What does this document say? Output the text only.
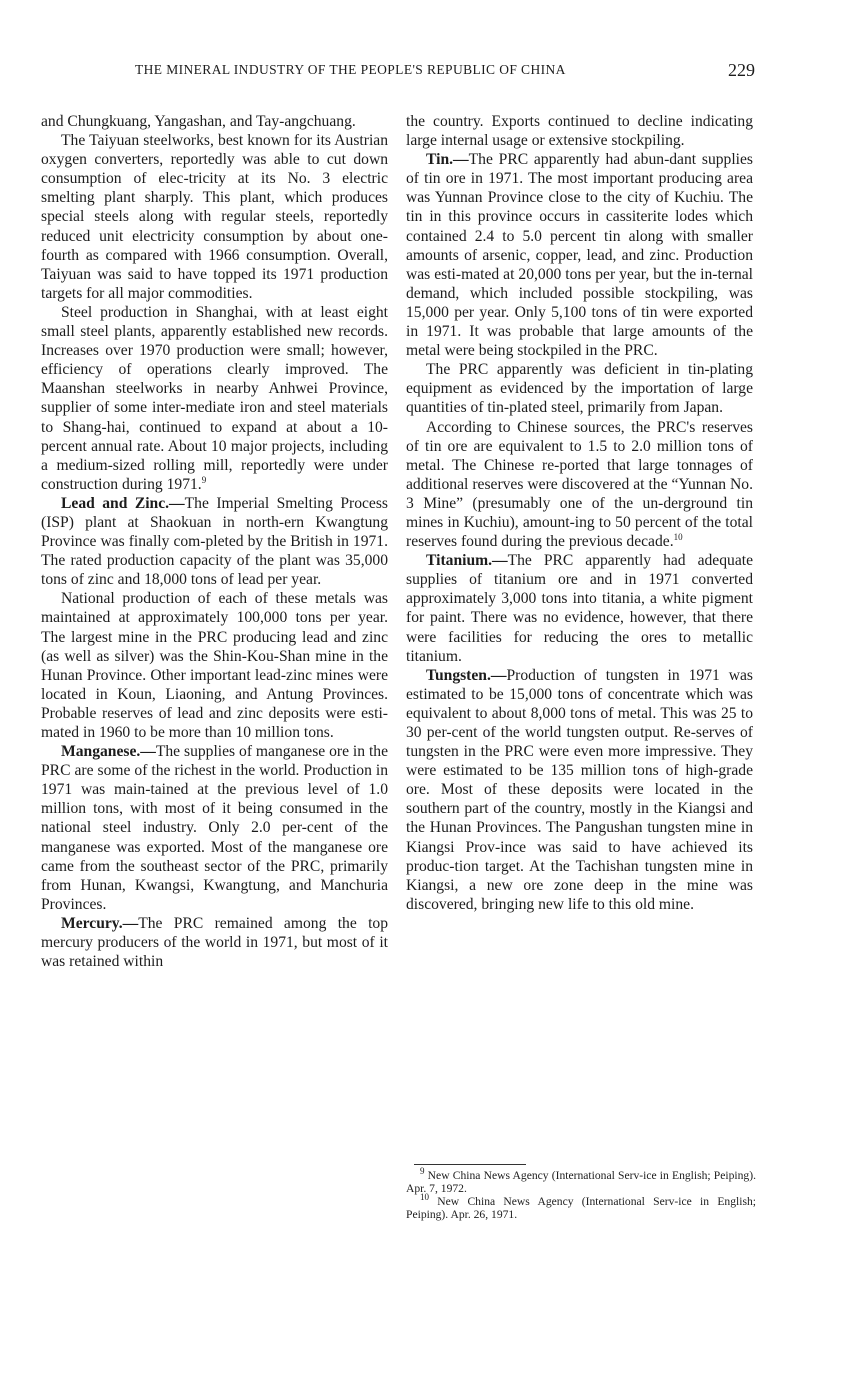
THE MINERAL INDUSTRY OF THE PEOPLE'S REPUBLIC OF CHINA	229

and Chungkuang, Yangashan, and Tay-angchuang.

The Taiyuan steelworks, best known for its Austrian oxygen converters, reportedly was able to cut down consumption of elec-tricity at its No. 3 electric smelting plant sharply. This plant, which produces special steels along with regular steels, reportedly reduced unit electricity consumption by about one-fourth as compared with 1966 consumption. Overall, Taiyuan was said to have topped its 1971 production targets for all major commodities.

Steel production in Shanghai, with at least eight small steel plants, apparently established new records. Increases over 1970 production were small; however, efficiency of operations clearly improved. The Maanshan steelworks in nearby Anhwei Province, supplier of some inter-mediate iron and steel materials to Shang-hai, continued to expand at about a 10-percent annual rate. About 10 major projects, including a medium-sized rolling mill, reportedly were under construction during 1971.$^9$

Lead and Zinc.—The Imperial Smelting Process (ISP) plant at Shaokuan in north-ern Kwangtung Province was finally com-pleted by the British in 1971. The rated production capacity of the plant was 35,000 tons of zinc and 18,000 tons of lead per year.

National production of each of these metals was maintained at approximately 100,000 tons per year. The largest mine in the PRC producing lead and zinc (as well as silver) was the Shin-Kou-Shan mine in the Hunan Province. Other important lead-zinc mines were located in Koun, Liaoning, and Antung Provinces. Probable reserves of lead and zinc deposits were esti-mated in 1960 to be more than 10 million tons.

Manganese.—The supplies of manganese ore in the PRC are some of the richest in the world. Production in 1971 was main-tained at the previous level of 1.0 million tons, with most of it being consumed in the national steel industry. Only 2.0 per-cent of the manganese was exported. Most of the manganese ore came from the southeast sector of the PRC, primarily from Hunan, Kwangsi, Kwangtung, and Manchuria Provinces.

Mercury.—The PRC remained among the top mercury producers of the world in 1971, but most of it was retained within

the country. Exports continued to decline indicating large internal usage or extensive stockpiling.

Tin.—The PRC apparently had abun-dant supplies of tin ore in 1971. The most important producing area was Yunnan Province close to the city of Kuchiu. The tin in this province occurs in cassiterite lodes which contained 2.4 to 5.0 percent tin along with smaller amounts of arsenic, copper, lead, and zinc. Production was esti-mated at 20,000 tons per year, but the in-ternal demand, which included possible stockpiling, was 15,000 per year. Only 5,100 tons of tin were exported in 1971. It was probable that large amounts of the metal were being stockpiled in the PRC.

The PRC apparently was deficient in tin-plating equipment as evidenced by the importation of large quantities of tin-plated steel, primarily from Japan.

According to Chinese sources, the PRC's reserves of tin ore are equivalent to 1.5 to 2.0 million tons of metal. The Chinese re-ported that large tonnages of additional reserves were discovered at the “Yunnan No. 3 Mine” (presumably one of the un-derground tin mines in Kuchiu), amount-ing to 50 percent of the total reserves found during the previous decade.$^{10}$

Titanium.—The PRC apparently had adequate supplies of titanium ore and in 1971 converted approximately 3,000 tons into titania, a white pigment for paint. There was no evidence, however, that there were facilities for reducing the ores to metallic titanium.

Tungsten.—Production of tungsten in 1971 was estimated to be 15,000 tons of concentrate which was equivalent to about 8,000 tons of metal. This was 25 to 30 per-cent of the world tungsten output. Re-serves of tungsten in the PRC were even more impressive. They were estimated to be 135 million tons of high-grade ore. Most of these deposits were located in the southern part of the country, mostly in the Kiangsi and the Hunan Provinces. The Pangushan tungsten mine in Kiangsi Prov-ince was said to have achieved its produc-tion target. At the Tachishan tungsten mine in Kiangsi, a new ore zone deep in the mine was discovered, bringing new life to this old mine.

$^9$ New China News Agency (International Serv-ice in English; Peiping). Apr. 7, 1972.

$^{10}$ New China News Agency (International Serv-ice in English; Peiping). Apr. 26, 1971.
